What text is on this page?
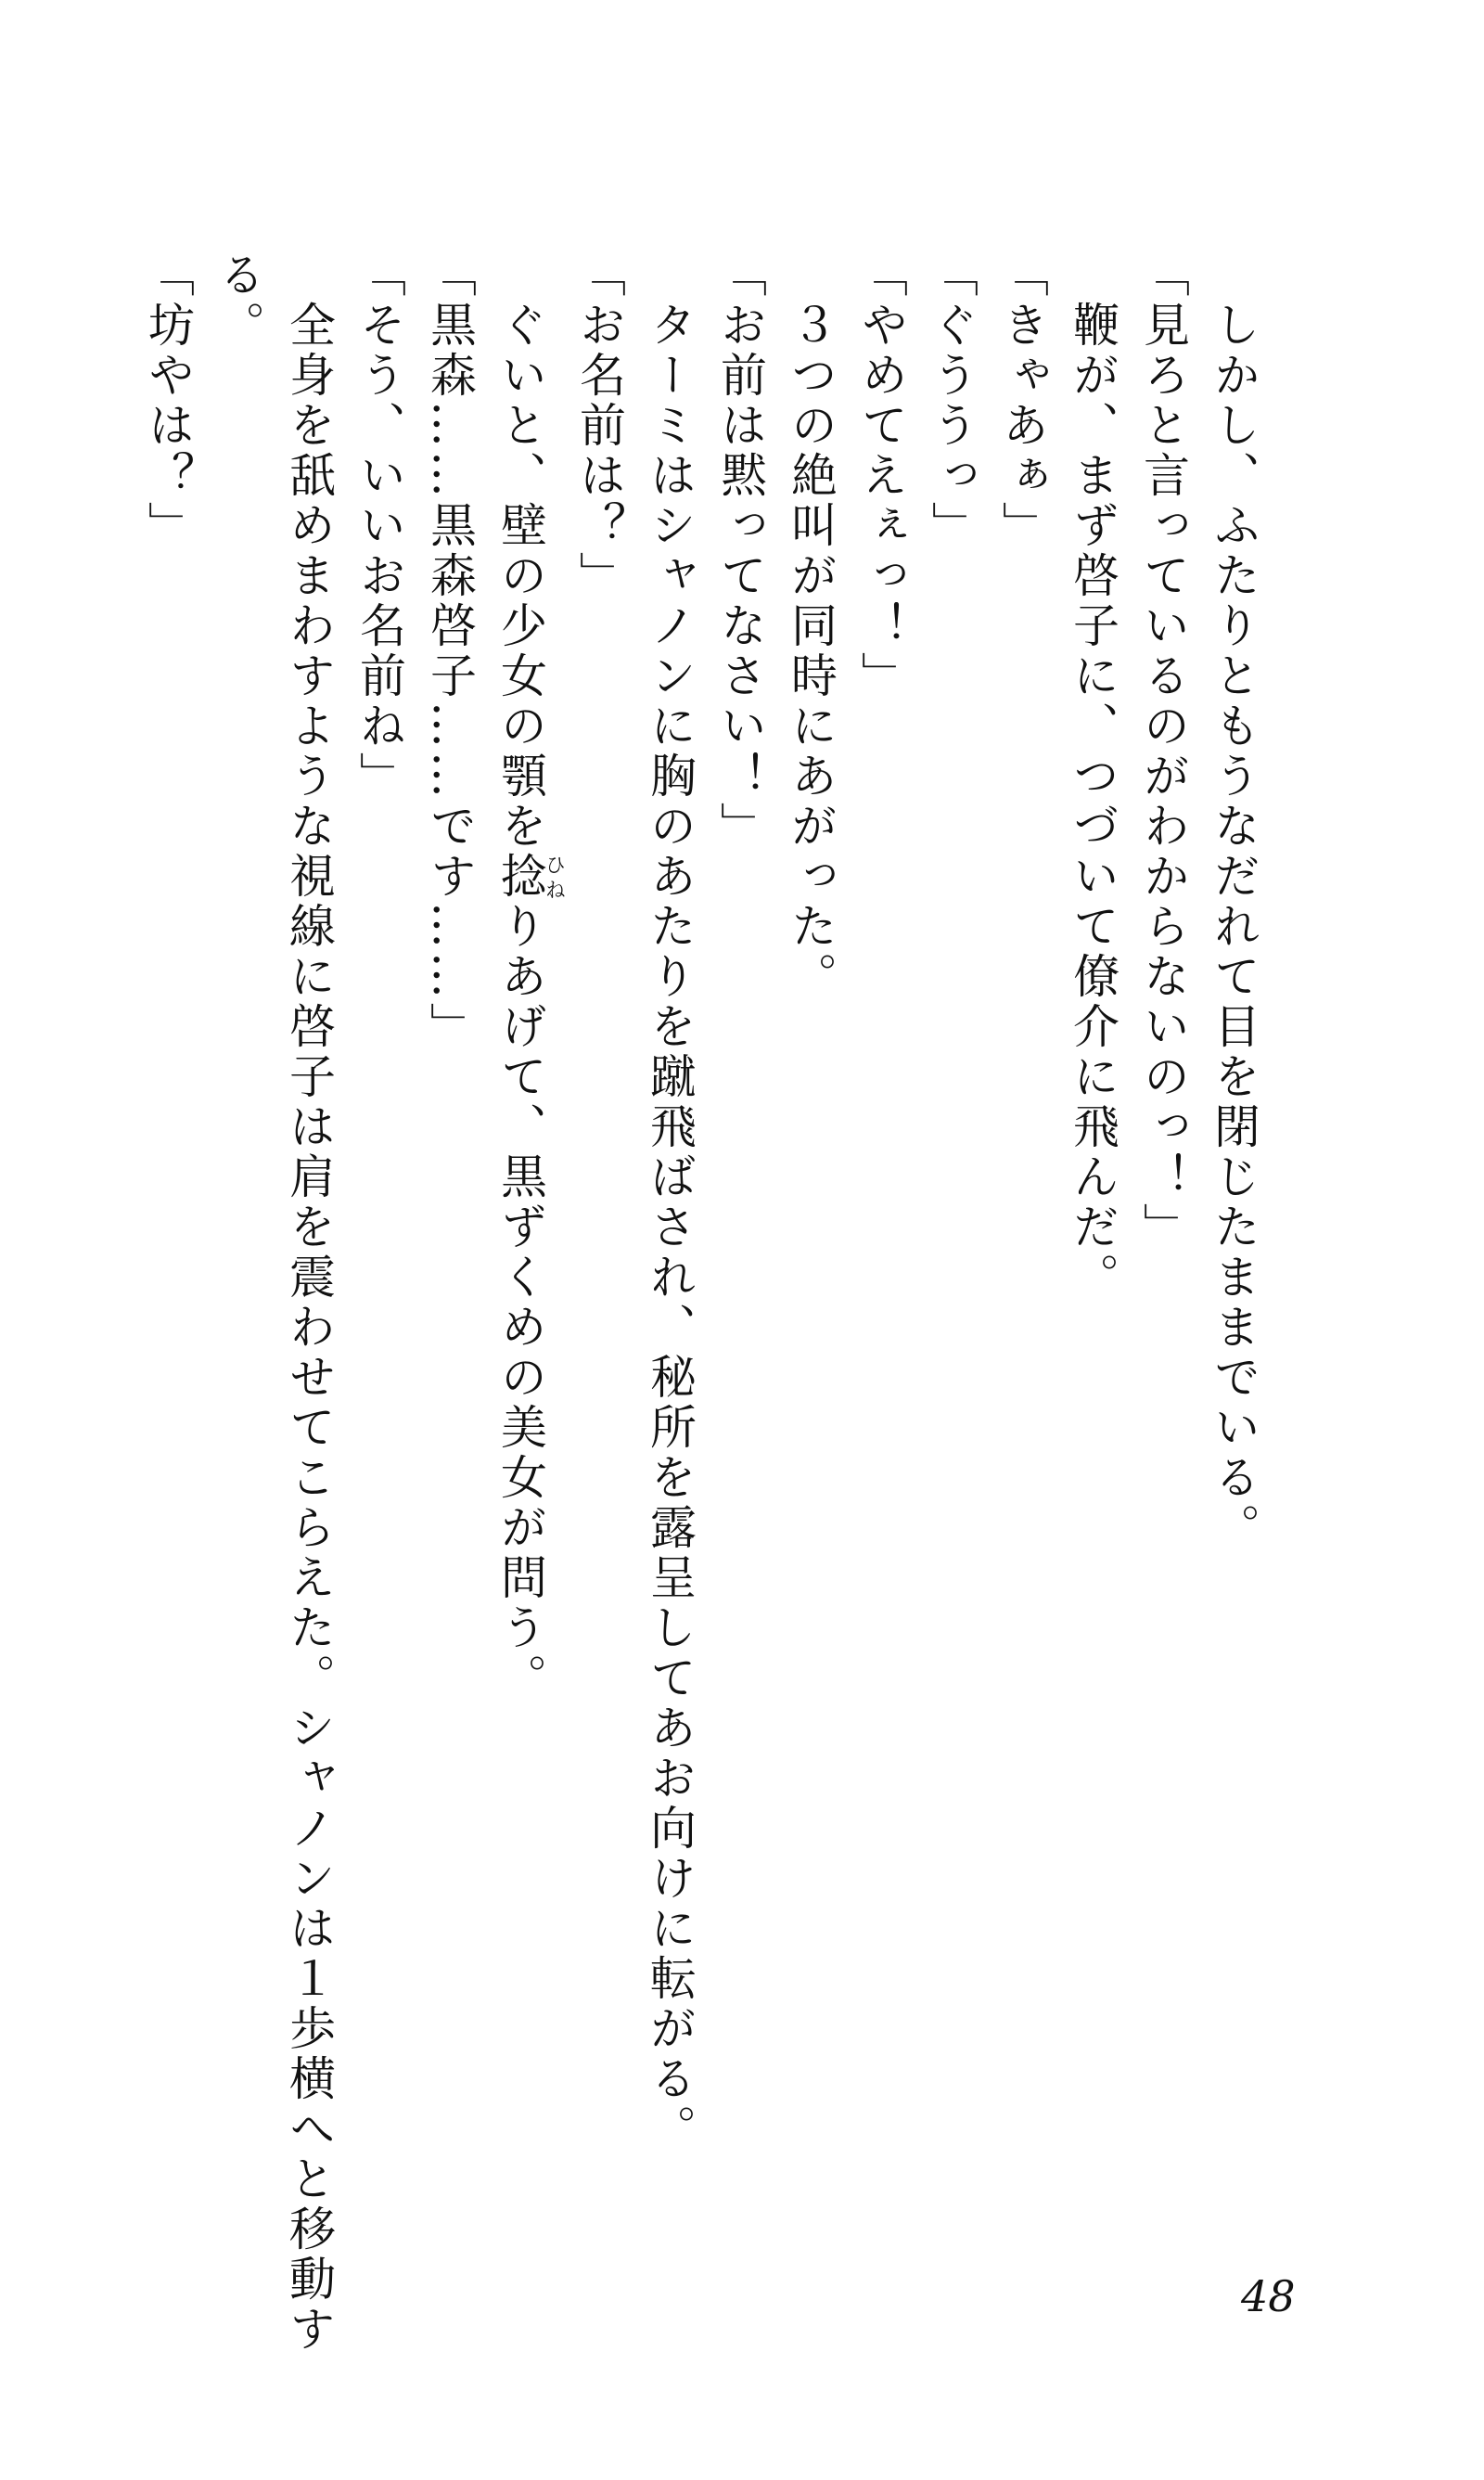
しかし、ふたりともうなだれて目を閉じたままでいる。

「見ろと言っているのがわからないのっ！」

鞭が、まず啓子に、つづいて僚介に飛んだ。

「きゃあぁ」

「ぐううっ」

「やめてえぇっ！」

３つの絶叫が同時にあがった。

「お前は黙ってなさい！」

ターミはシャノンに胸のあたりを蹴飛ばされ、秘所を露呈してあお向けに転がる。

「お名前は？」

ぐいと、壁の少女の顎を捻ひねりあげて、黒ずくめの美女が問う。

「黒森……黒森啓子……です……」

「そう、いいお名前ね」

全身を舐めまわすような視線に啓子は肩を震わせてこらえた。シャノンは１歩横へと移動する。

「坊やは？」

48
